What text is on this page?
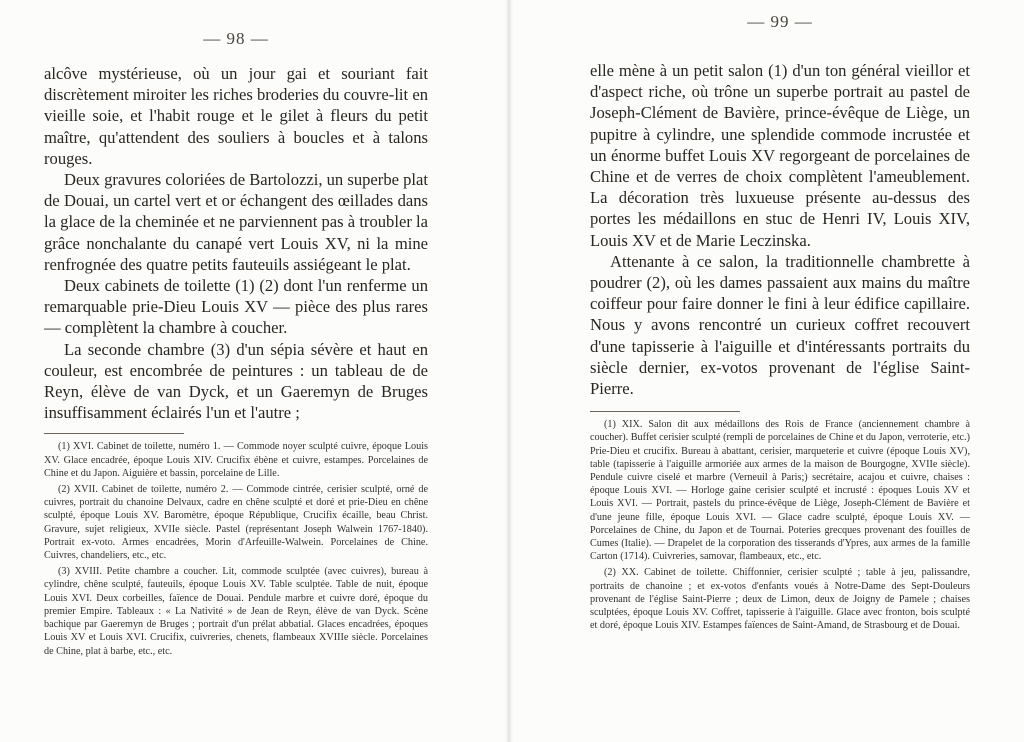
— 98 —

alcôve mystérieuse, où un jour gai et souriant fait discrètement miroiter les riches broderies du couvre-lit en vieille soie, et l'habit rouge et le gilet à fleurs du petit maître, qu'attendent des souliers à boucles et à talons rouges.

Deux gravures coloriées de Bartolozzi, un superbe plat de Douai, un cartel vert et or échangent des œillades dans la glace de la cheminée et ne parviennent pas à troubler la grâce nonchalante du canapé vert Louis XV, ni la mine renfrognée des quatre petits fauteuils assiégeant le plat.

Deux cabinets de toilette (1) (2) dont l'un renferme un remarquable prie-Dieu Louis XV — pièce des plus rares — complètent la chambre à coucher.

La seconde chambre (3) d'un sépia sévère et haut en couleur, est encombrée de peintures : un tableau de de Reyn, élève de van Dyck, et un Gaeremyn de Bruges insuffisamment éclairés l'un et l'autre ;

(1) XVI. Cabinet de toilette, numéro 1. — Commode noyer sculpté cuivre, époque Louis XV. Glace encadrée, époque Louis XIV. Crucifix ébène et cuivre, estampes. Porcelaines de Chine et du Japon. Aiguière et bassin, porcelaine de Lille.

(2) XVII. Cabinet de toilette, numéro 2. — Commode cintrée, cerisier sculpté, orné de cuivres, portrait du chanoine Delvaux, cadre en chêne sculpté et doré et prie-Dieu en chêne sculpté, époque Louis XV. Baromètre, époque République, Crucifix écaille, beau Christ. Gravure, sujet religieux, XVIIe siècle. Pastel (représentant Joseph Walwein 1767-1840). Portrait ex-voto. Armes encadrées, Morin d'Arfeuille-Walwein. Porcelaines de Chine. Cuivres, chandeliers, etc., etc.

(3) XVIII. Petite chambre a coucher. Lit, commode sculptée (avec cuivres), bureau à cylindre, chêne sculpté, fauteuils, époque Louis XV. Table sculptée. Table de nuit, époque Louis XVI. Deux corbeilles, faïence de Douai. Pendule marbre et cuivre doré, époque du premier Empire. Tableaux : « La Nativité » de Jean de Reyn, élève de van Dyck. Scène bachique par Gaeremyn de Bruges ; portrait d'un prélat abbatial. Glaces encadrées, époques Louis XV et Louis XVI. Crucifix, cuivreries, chenets, flambeaux XVIIIe siècle. Porcelaines de Chine, plat à barbe, etc., etc.

— 99 —

elle mène à un petit salon (1) d'un ton général vieillor et d'aspect riche, où trône un superbe portrait au pastel de Joseph-Clément de Bavière, prince-évêque de Liège, un pupitre à cylindre, une splendide commode incrustée et un énorme buffet Louis XV regorgeant de porcelaines de Chine et de verres de choix complètent l'ameublement. La décoration très luxueuse présente au-dessus des portes les médaillons en stuc de Henri IV, Louis XIV, Louis XV et de Marie Leczinska.

Attenante à ce salon, la traditionnelle chambrette à poudrer (2), où les dames passaient aux mains du maître coiffeur pour faire donner le fini à leur édifice capillaire. Nous y avons rencontré un curieux coffret recouvert d'une tapisserie à l'aiguille et d'intéressants portraits du siècle dernier, ex-votos provenant de l'église Saint-Pierre.

(1) XIX. Salon dit aux médaillons des Rois de France (anciennement chambre à coucher). Buffet cerisier sculpté (rempli de porcelaines de Chine et du Japon, verroterie, etc.) Prie-Dieu et crucifix. Bureau à abattant, cerisier, marqueterie et cuivre (époque Louis XV), table (tapisserie à l'aiguille armoriée aux armes de la maison de Bourgogne, XVIIe siècle). Pendule cuivre ciselé et marbre (Verneuil à Paris;) secrétaire, acajou et cuivre, chaises : époque Louis XVI. — Horloge gaine cerisier sculpté et incrusté : époques Louis XV et Louis XVI. — Portrait, pastels du prince-évêque de Liège, Joseph-Clément de Bavière et d'une jeune fille, époque Louis XVI. — Glace cadre sculpté, époque Louis XV. — Porcelaines de Chine, du Japon et de Tournai. Poteries grecques provenant des fouilles de Cumes (Italie). — Drapelet de la corporation des tisserands d'Ypres, aux armes de la famille Carton (1714). Cuivreries, samovar, flambeaux, etc., etc.

(2) XX. Cabinet de toilette. Chiffonnier, cerisier sculpté ; table à jeu, palissandre, portraits de chanoine ; et ex-votos d'enfants voués à Notre-Dame des Sept-Douleurs provenant de l'église Saint-Pierre ; deux de Limon, deux de Joigny de Pamele ; chaises sculptées, époque Louis XV. Coffret, tapisserie à l'aiguille. Glace avec fronton, bois sculpté et doré, époque Louis XIV. Estampes faïences de Saint-Amand, de Strasbourg et de Douai.
